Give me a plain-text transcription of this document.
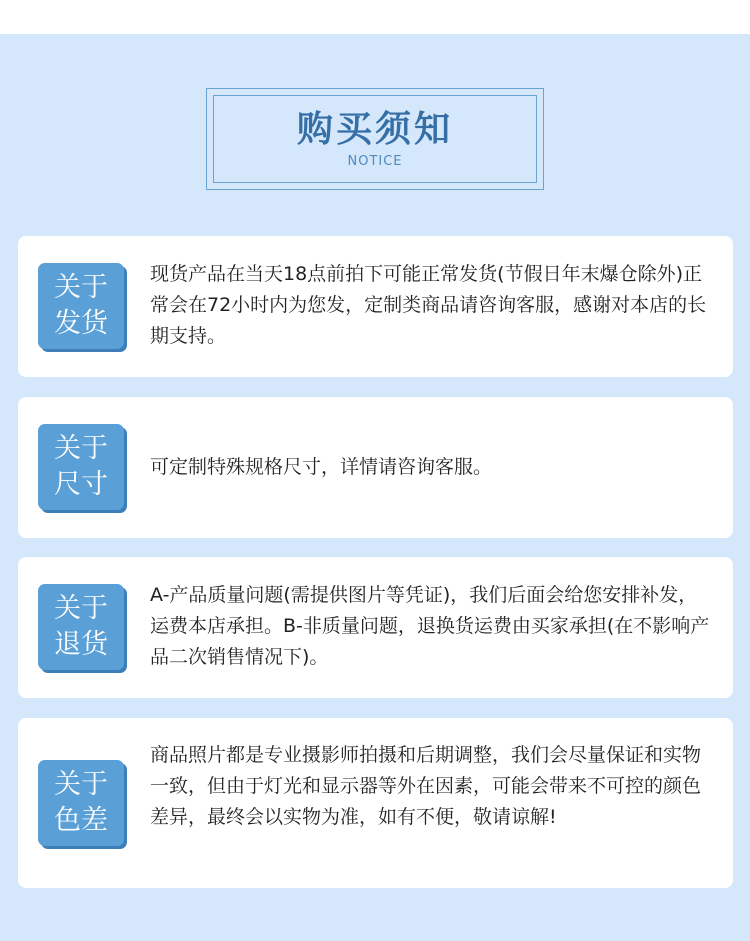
购买须知
NOTICE
关于
发货

现货产品在当天18点前拍下可能正常发货(节假日年末爆仓除外)正常会在72小时内为您发，定制类商品请咨询客服，感谢对本店的长期支持。

关于
尺寸

可定制特殊规格尺寸，详情请咨询客服。

关于
退货

A-产品质量问题(需提供图片等凭证)，我们后面会给您安排补发，运费本店承担。B-非质量问题，退换货运费由买家承担(在不影响产品二次销售情况下)。

关于
色差

商品照片都是专业摄影师拍摄和后期调整，我们会尽量保证和实物一致，但由于灯光和显示器等外在因素，可能会带来不可控的颜色差异，最终会以实物为准，如有不便，敬请谅解!
